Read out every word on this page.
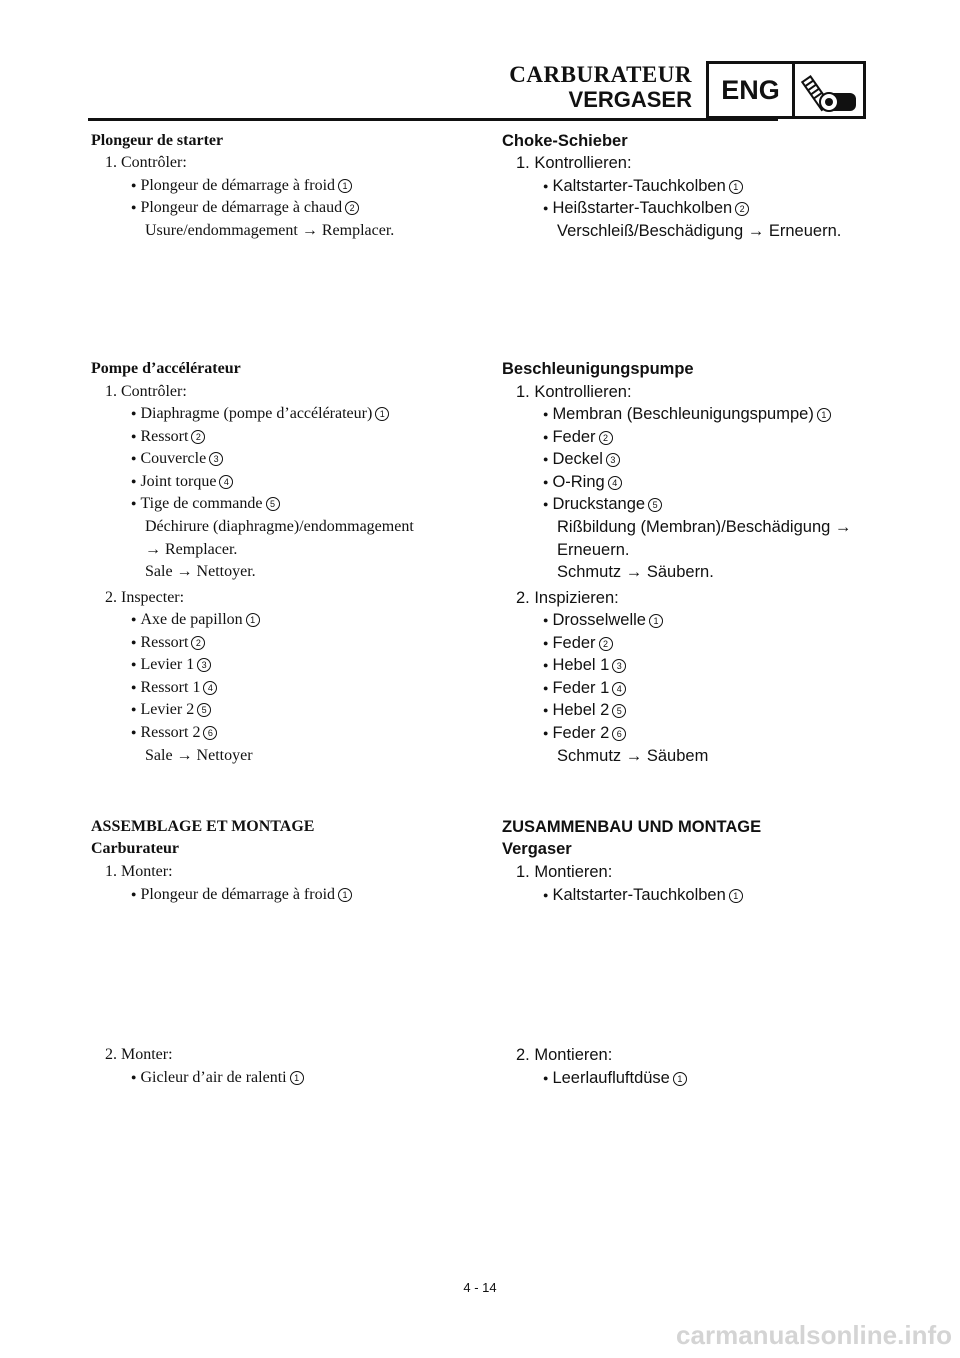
CARBURATEUR
VERGASER	ENG
Plongeur de starter
1. Contrôler:
● Plongeur de démarrage à froid 1
● Plongeur de démarrage à chaud 2
Usure/endommagement → Remplacer.
Pompe d’accélérateur
1. Contrôler:
● Diaphragme (pompe d’accélérateur) 1
● Ressort 2
● Couvercle 3
● Joint torque 4
● Tige de commande 5
Déchirure (diaphragme)/endommagement
→ Remplacer.
Sale → Nettoyer.
2. Inspecter:
● Axe de papillon 1
● Ressort 2
● Levier 1 3
● Ressort 1 4
● Levier 2 5
● Ressort 2 6
Sale → Nettoyer
ASSEMBLAGE ET MONTAGE
Carburateur
1. Monter:
● Plongeur de démarrage à froid 1
2. Monter:
● Gicleur d’air de ralenti 1
Choke-Schieber
1. Kontrollieren:
● Kaltstarter-Tauchkolben 1
● Heißstarter-Tauchkolben 2
Verschleiß/Beschädigung → Erneuern.
Beschleunigungspumpe
1. Kontrollieren:
● Membran (Beschleunigungspumpe) 1
● Feder 2
● Deckel 3
● O-Ring 4
● Druckstange 5
Rißbildung (Membran)/Beschädigung →
Erneuern.
Schmutz → Säubern.
2. Inspizieren:
● Drosselwelle 1
● Feder 2
● Hebel 1 3
● Feder 1 4
● Hebel 2 5
● Feder 2 6
Schmutz → Säubem
ZUSAMMENBAU UND MONTAGE
Vergaser
1. Montieren:
● Kaltstarter-Tauchkolben 1
2. Montieren:
● Leerlaufluftdüse 1
4 - 14
carmanualsonline.info
